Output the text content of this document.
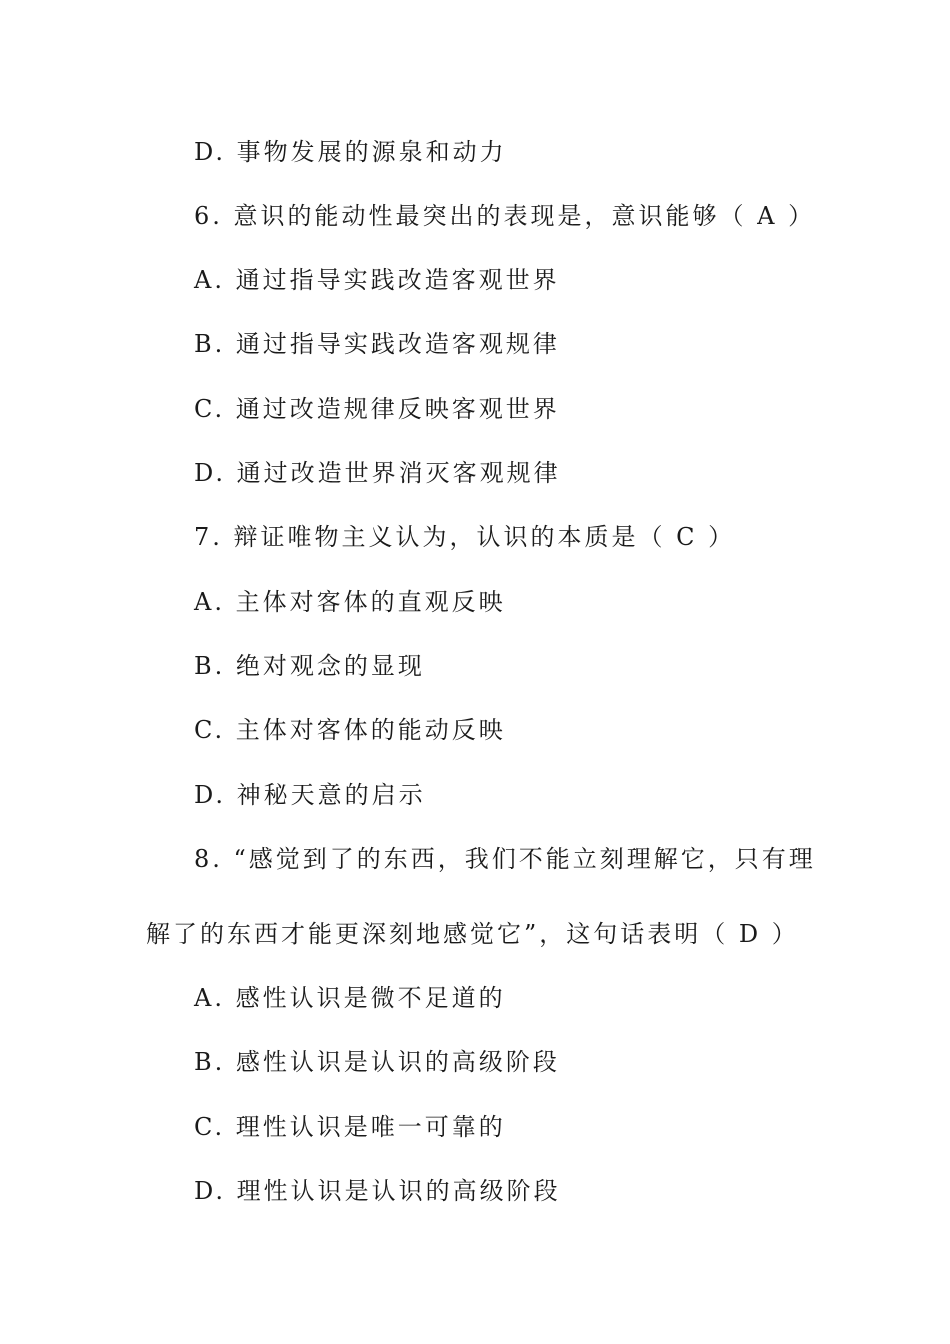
D. 事物发展的源泉和动力
6. 意识的能动性最突出的表现是，意识能够（ A ）
A. 通过指导实践改造客观世界
B. 通过指导实践改造客观规律
C. 通过改造规律反映客观世界
D. 通过改造世界消灭客观规律
7. 辩证唯物主义认为，认识的本质是（ C ）
A. 主体对客体的直观反映
B. 绝对观念的显现
C. 主体对客体的能动反映
D. 神秘天意的启示
8. “感觉到了的东西，我们不能立刻理解它，只有理
解了的东西才能更深刻地感觉它”，这句话表明（ D ）
A. 感性认识是微不足道的
B. 感性认识是认识的高级阶段
C. 理性认识是唯一可靠的
D. 理性认识是认识的高级阶段
